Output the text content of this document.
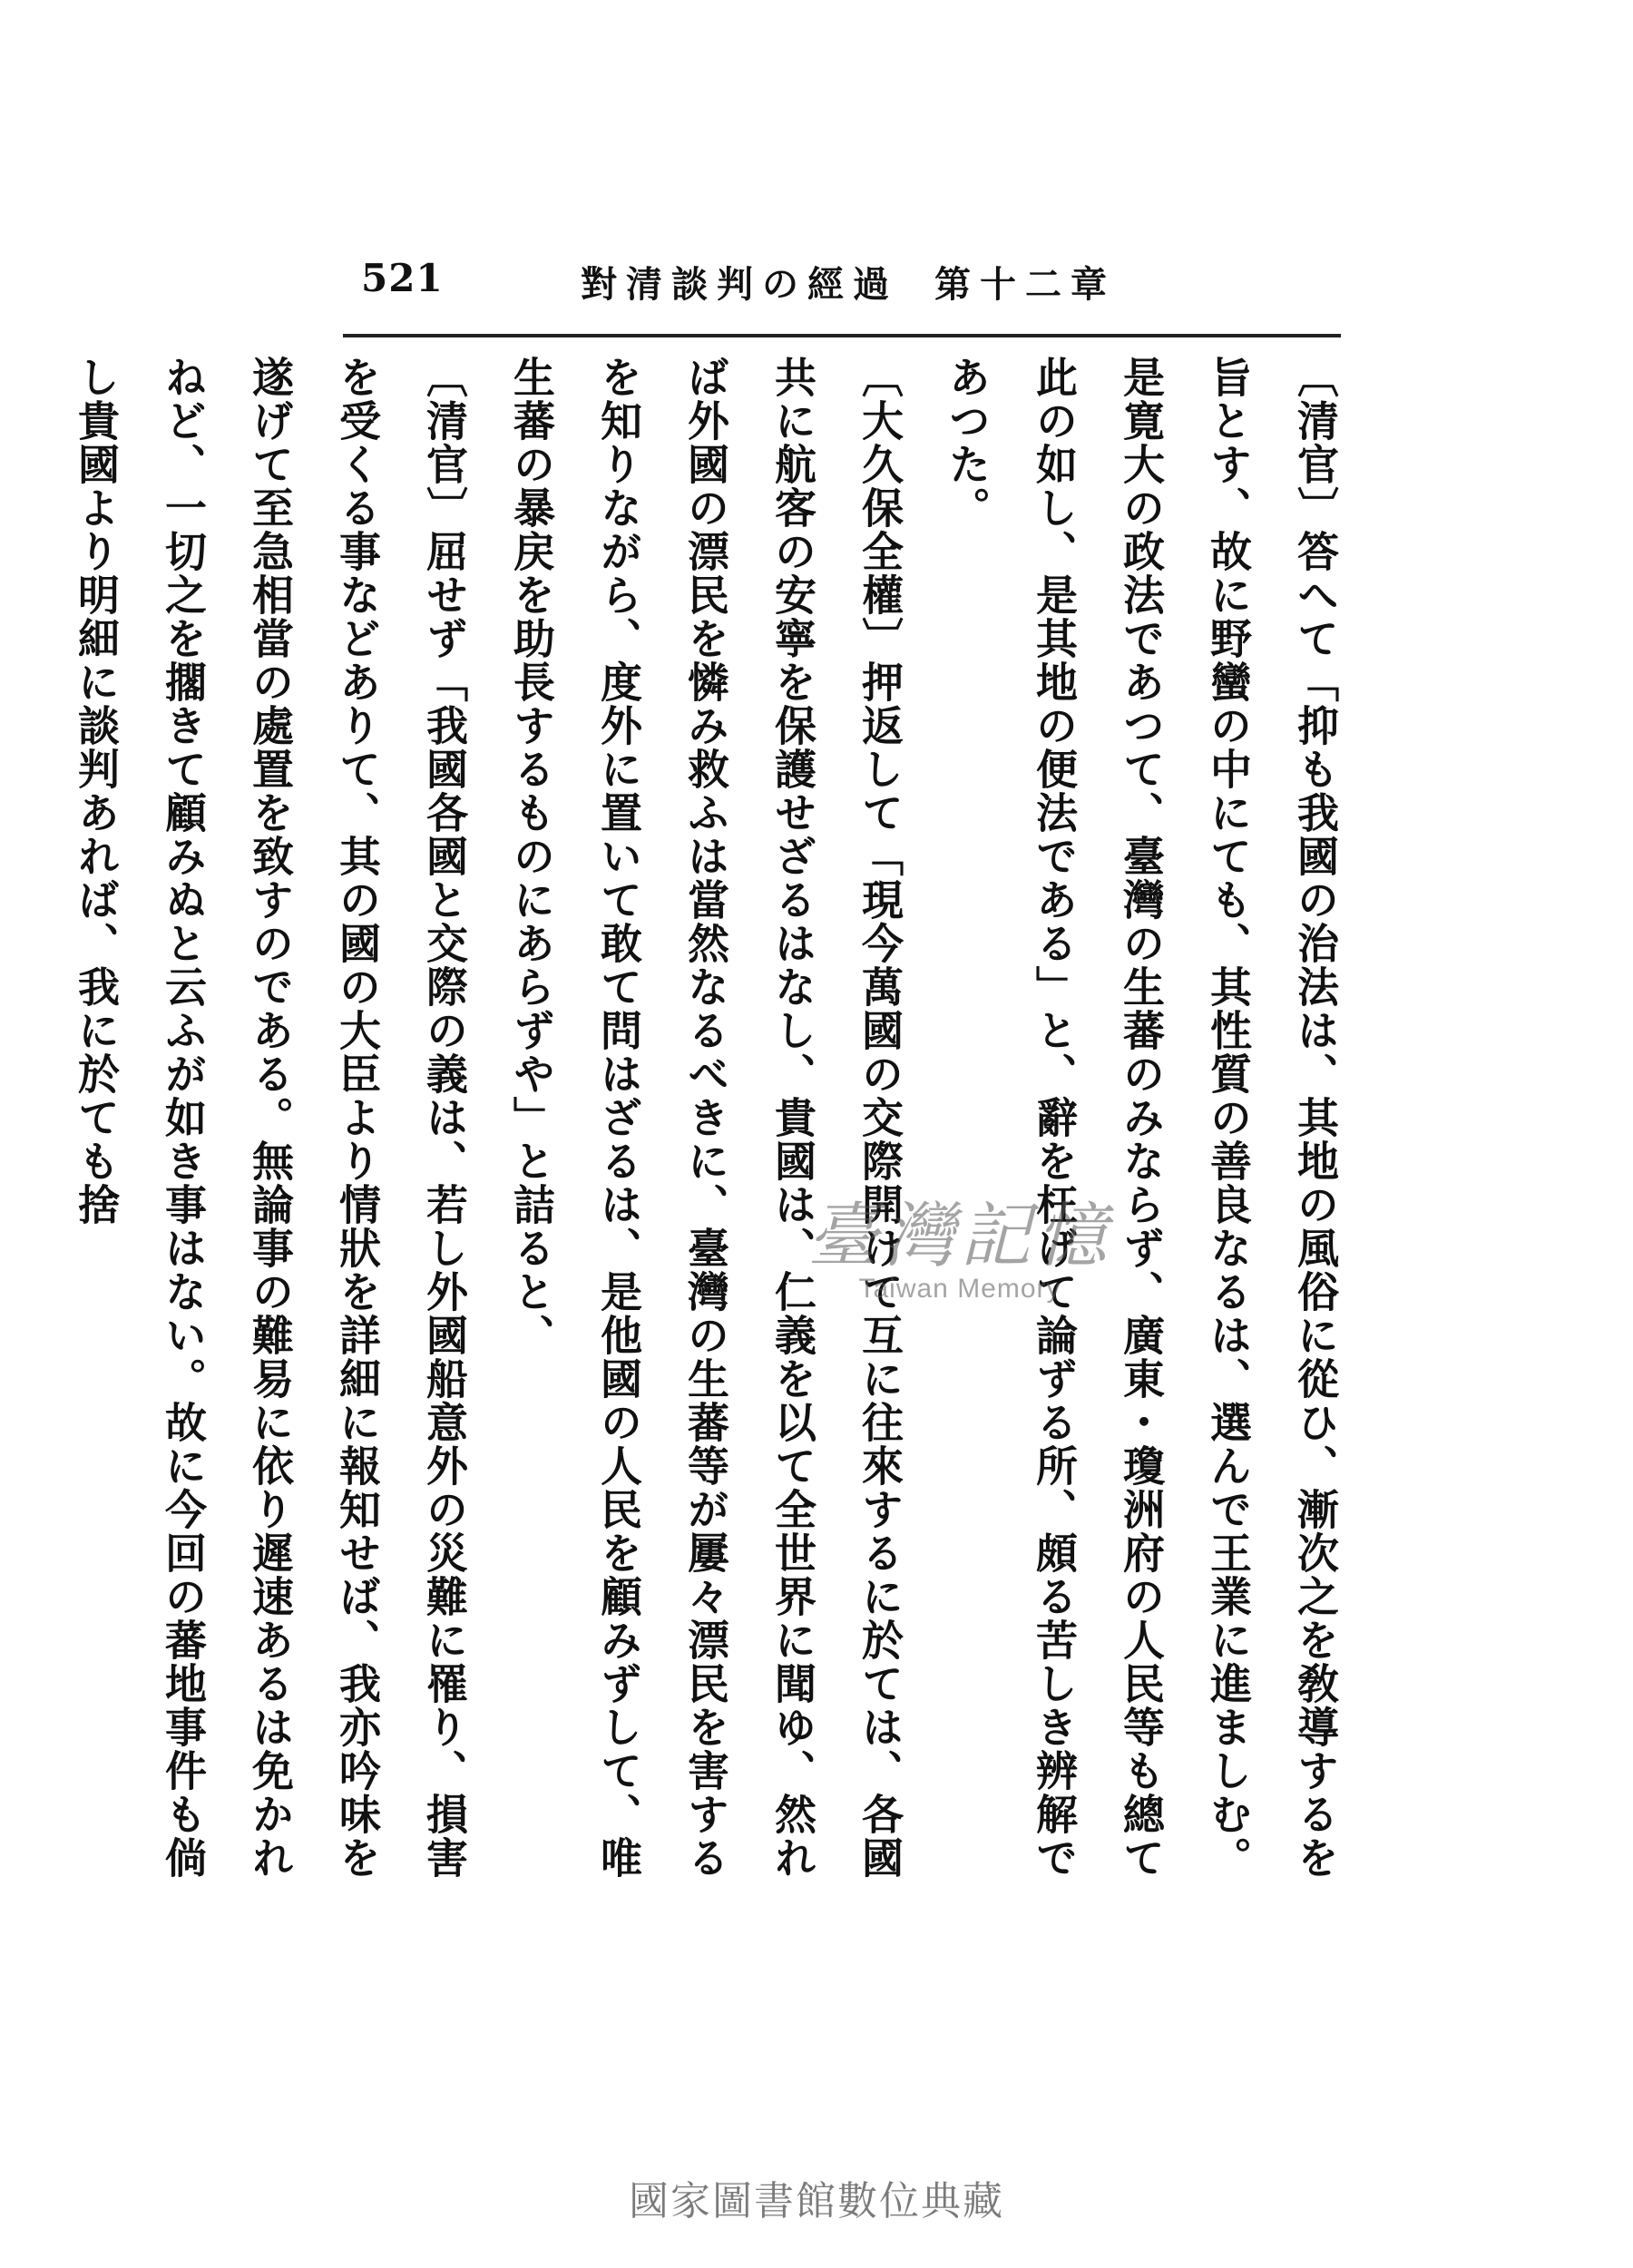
521	對清談判の經過 第十二章

〔清官〕答へて「抑も我國の治法は、其地の風俗に從ひ、漸次之を敎導するを旨とす、故に野蠻の中にても、其性質の善良なるは、選んで王業に進ましむ。是寛大の政法であつて、臺灣の生蕃のみならず、廣東・瓊洲府の人民等も總て此の如し、是其地の便法である」と、辭を枉げて論ずる所、頗る苦しき辨解であつた。

〔大久保全權〕押返して「現今萬國の交際開けて互に往來するに於ては、各國共に航客の安寧を保護せざるはなし、貴國は、仁義を以て全世界に聞ゆ、然れば外國の漂民を憐み救ふは當然なるべきに、臺灣の生蕃等が屢々漂民を害するを知りながら、度外に置いて敢て問はざるは、是他國の人民を顧みずして、唯生蕃の暴戻を助長するものにあらずや」と詰ると、

〔清官〕屈せず「我國各國と交際の義は、若し外國船意外の災難に罹り、損害を受くる事などありて、其の國の大臣より情狀を詳細に報知せば、我亦吟味を遂げて至急相當の處置を致すのである。無論事の難易に依り遲速あるは免かれねど、一切之を擱きて顧みぬと云ふが如き事はない。故に今回の蕃地事件も倘し貴國より明細に談判あれば、我に於ても捨

臺灣記憶
Taiwan Memory
國家圖書館數位典藏
